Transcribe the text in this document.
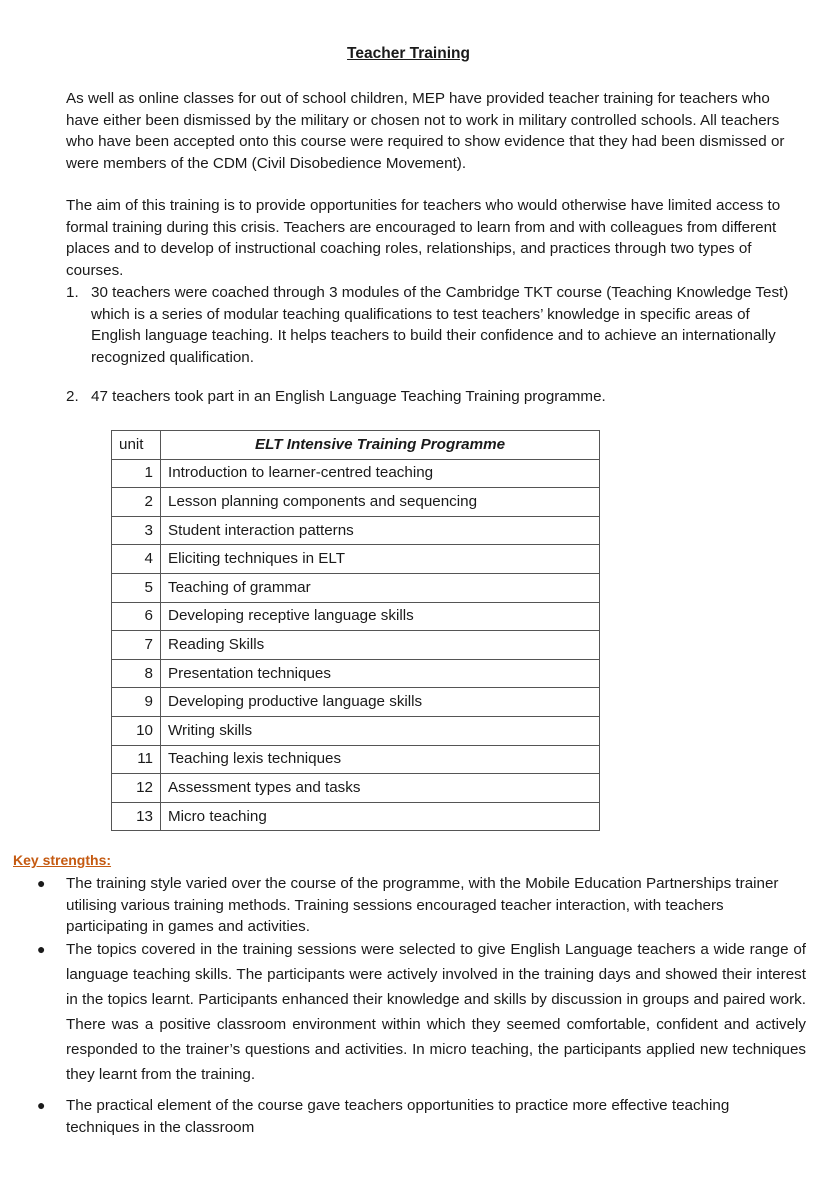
Teacher Training
As well as online classes for out of school children, MEP have provided teacher training for teachers who have either been dismissed by the military or chosen not to work in military controlled schools. All teachers who have been accepted onto this course were required to show evidence that they had been dismissed or were members of the CDM (Civil Disobedience Movement).
The aim of this training is to provide opportunities for teachers who would otherwise have limited access to formal training during this crisis. Teachers are encouraged to learn from and with colleagues from different places and to develop of instructional coaching roles, relationships, and practices through two types of courses.
1. 30 teachers were coached through 3 modules of the Cambridge TKT course (Teaching Knowledge Test) which is a series of modular teaching qualifications to test teachers’ knowledge in specific areas of English language teaching. It helps teachers to build their confidence and to achieve an internationally recognized qualification.
2. 47 teachers took part in an English Language Teaching Training programme.
unit	ELT Intensive Training Programme
1	Introduction to learner-centred teaching
2	Lesson planning components and sequencing
3	Student interaction patterns
4	Eliciting techniques in ELT
5	Teaching of grammar
6	Developing receptive language skills
7	Reading Skills
8	Presentation techniques
9	Developing productive language skills
10	Writing skills
11	Teaching lexis techniques
12	Assessment types and tasks
13	Micro teaching
Key strengths:
● The training style varied over the course of the programme, with the Mobile Education Partnerships trainer utilising various training methods. Training sessions encouraged teacher interaction, with teachers participating in games and activities.
● The topics covered in the training sessions were selected to give English Language teachers a wide range of language teaching skills. The participants were actively involved in the training days and showed their interest in the topics learnt. Participants enhanced their knowledge and skills by discussion in groups and paired work. There was a positive classroom environment within which they seemed comfortable, confident and actively responded to the trainer’s questions and activities. In micro teaching, the participants applied new techniques they learnt from the training.
● The practical element of the course gave teachers opportunities to practice more effective teaching techniques in the classroom
